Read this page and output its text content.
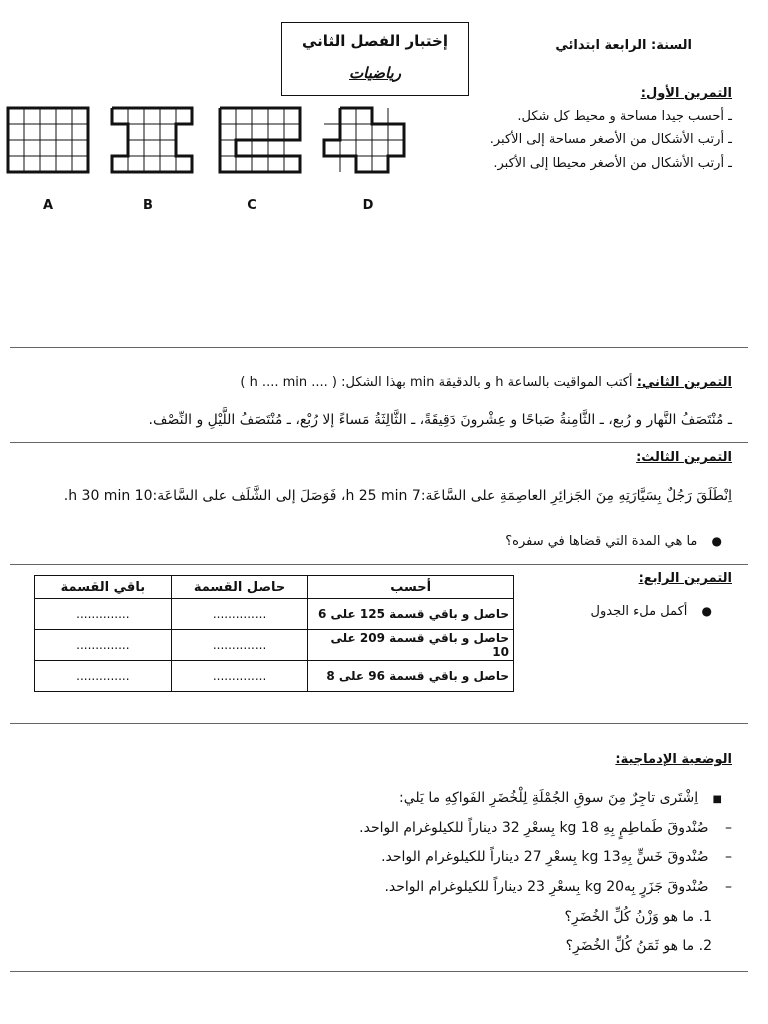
إختبار الفصل الثاني
رياضيات
السنة: الرابعة ابتدائي
التمرين الأول:
ـ أحسب جيدا مساحة و محيط كل شكل.
ـ أرتب الأشكال من الأصغر مساحة إلى الأكبر.
ـ أرتب الأشكال من الأصغر محيطا إلى الأكبر.
A	B	C	D
التمرين الثاني: أكتب المواقيت بالساعة h و بالدقيقة min بهذا الشكل: ( .... h .... min )
ـ مُنْتَصَفُ النَّهار و رُبع، ـ الثَّامِنةُ صَباحًا و عِشْرونَ دَقِيقَةً، ـ الثَّالِثَةُ مَساءً إلا رُبْع، ـ مُنْتَصَفُ اللَّيْلِ و النِّصْف.
التمرين الثالث:
اِنْطَلَقَ رَجُلٌ بِسَيَّارَتِهِ مِنَ الجَزائِرِ العاصِمَةِ على السَّاعَة:7 h 25 min، فَوَصَلَ إلى الشَّلَف على السَّاعَة:10 h 30 min.
● ما هي المدة التي قضاها في سفره؟
التمرين الرابع:
● أكمل ملء الجدول
أحسب	حاصل القسمة	باقي القسمة
حاصل و باقي قسمة 125 على 6	..............	..............
حاصل و باقي قسمة 209 على 10	..............	..............
حاصل و باقي قسمة 96 على 8	..............	..............
الوضعية الإدماجية:
■ اِشْتَرى تاجِرٌ مِنَ سوقِ الجُمْلَةِ لِلْخُضَرِ الفَواكِهِ ما يَلي:
– صُنْدوقَ طَماطِمٍ بِهِ 18 kg بِسعْرِ 32 ديناراً للكيلوغرام الواحد.
– صُنْدوقَ خَسٍّ بِهِ13 kg بِسعْرِ 27 ديناراً للكيلوغرام الواحد.
– صُنْدوقَ جَزَرٍ بِه20 kg بِسعْرِ 23 ديناراً للكيلوغرام الواحد.
1. ما هو وَزْنُ كُلِّ الخُضَرِ؟
2. ما هو ثَمَنُ كُلِّ الخُضَرِ؟
